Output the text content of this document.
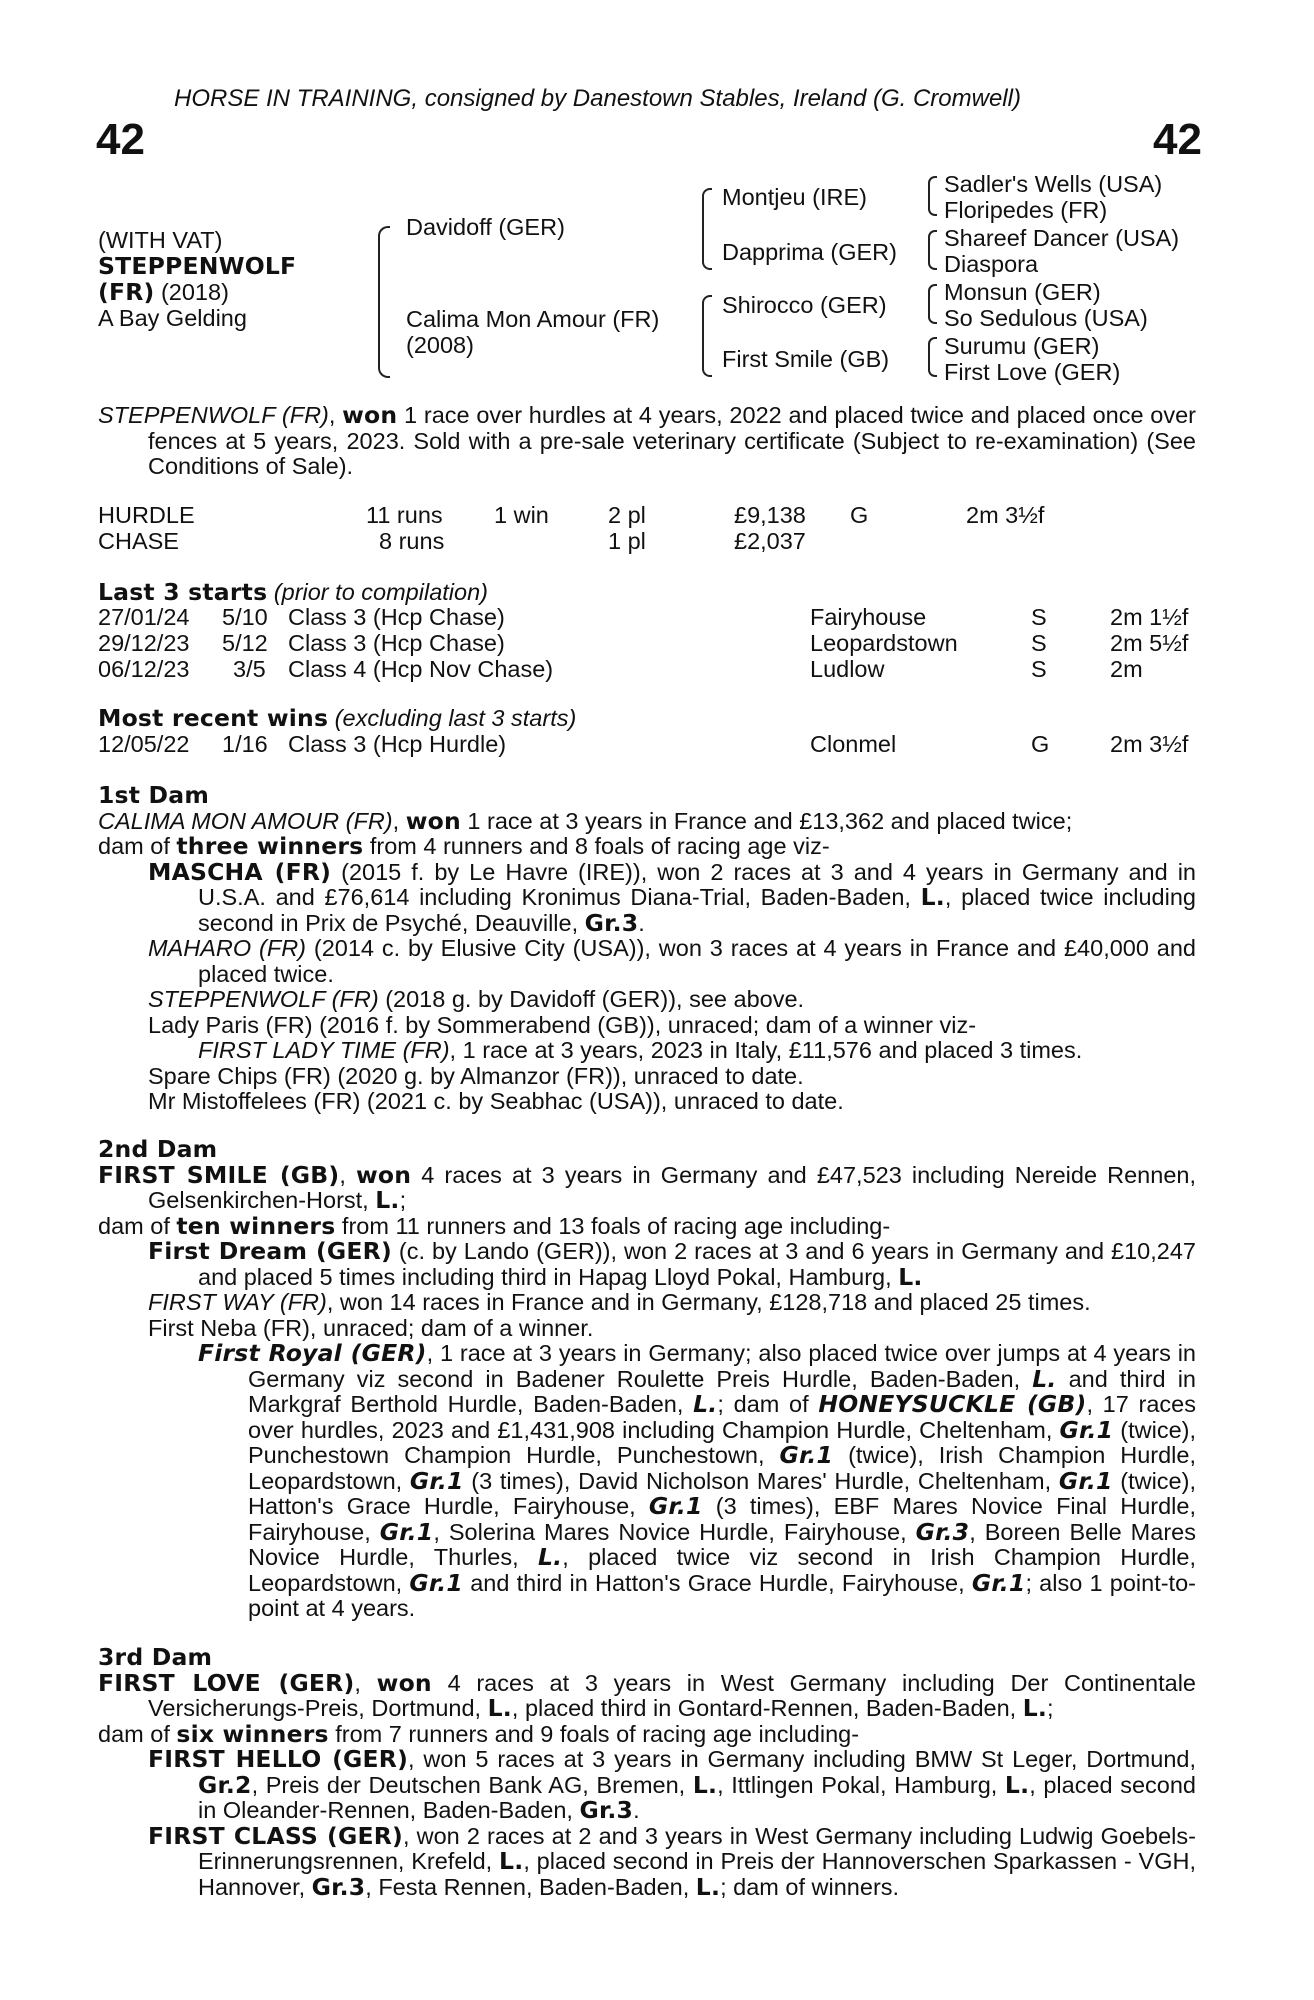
HORSE IN TRAINING, consigned by Danestown Stables, Ireland (G. Cromwell)
42	42
(WITH VAT)
STEPPENWOLF
(FR) (2018)
A Bay Gelding
Davidoff (GER)
Calima Mon Amour (FR)
(2008)
Montjeu (IRE)
Dapprima (GER)
Shirocco (GER)
First Smile (GB)
Sadler's Wells (USA)
Floripedes (FR)
Shareef Dancer (USA)
Diaspora
Monsun (GER)
So Sedulous (USA)
Surumu (GER)
First Love (GER)

STEPPENWOLF (FR), won 1 race over hurdles at 4 years, 2022 and placed twice and placed once over fences at 5 years, 2023. Sold with a pre-sale veterinary certificate (Subject to re-examination) (See Conditions of Sale).

HURDLE	11 runs 1 win	2 pl	£9,138 G	2m 3½f
CHASE	8 runs	1 pl	£2,037
Last 3 starts (prior to compilation)
27/01/24 5/10 Class 3 (Hcp Chase)	Fairyhouse	S	2m 1½f
29/12/23 5/12 Class 3 (Hcp Chase)	Leopardstown	S	2m 5½f
06/12/23 3/5 Class 4 (Hcp Nov Chase)	Ludlow	S	2m
Most recent wins (excluding last 3 starts)
12/05/22 1/16 Class 3 (Hcp Hurdle)	Clonmel	G	2m 3½f

1st Dam

CALIMA MON AMOUR (FR), won 1 race at 3 years in France and £13,362 and placed twice;

dam of three winners from 4 runners and 8 foals of racing age viz-

MASCHA (FR) (2015 f. by Le Havre (IRE)), won 2 races at 3 and 4 years in Germany and in U.S.A. and £76,614 including Kronimus Diana-Trial, Baden-Baden, L., placed twice including second in Prix de Psyché, Deauville, Gr.3.

MAHARO (FR) (2014 c. by Elusive City (USA)), won 3 races at 4 years in France and £40,000 and placed twice.

STEPPENWOLF (FR) (2018 g. by Davidoff (GER)), see above.

Lady Paris (FR) (2016 f. by Sommerabend (GB)), unraced; dam of a winner viz-

FIRST LADY TIME (FR), 1 race at 3 years, 2023 in Italy, £11,576 and placed 3 times.

Spare Chips (FR) (2020 g. by Almanzor (FR)), unraced to date.

Mr Mistoffelees (FR) (2021 c. by Seabhac (USA)), unraced to date.

2nd Dam

FIRST SMILE (GB), won 4 races at 3 years in Germany and £47,523 including Nereide Rennen, Gelsenkirchen-Horst, L.;

dam of ten winners from 11 runners and 13 foals of racing age including-

First Dream (GER) (c. by Lando (GER)), won 2 races at 3 and 6 years in Germany and £10,247 and placed 5 times including third in Hapag Lloyd Pokal, Hamburg, L.

FIRST WAY (FR), won 14 races in France and in Germany, £128,718 and placed 25 times.

First Neba (FR), unraced; dam of a winner.

First Royal (GER), 1 race at 3 years in Germany; also placed twice over jumps at 4 years in Germany viz second in Badener Roulette Preis Hurdle, Baden-Baden, L. and third in Markgraf Berthold Hurdle, Baden-Baden, L.; dam of HONEYSUCKLE (GB), 17 races over hurdles, 2023 and £1,431,908 including Champion Hurdle, Cheltenham, Gr.1 (twice), Punchestown Champion Hurdle, Punchestown, Gr.1 (twice), Irish Champion Hurdle, Leopardstown, Gr.1 (3 times), David Nicholson Mares' Hurdle, Cheltenham, Gr.1 (twice), Hatton's Grace Hurdle, Fairyhouse, Gr.1 (3 times), EBF Mares Novice Final Hurdle, Fairyhouse, Gr.1, Solerina Mares Novice Hurdle, Fairyhouse, Gr.3, Boreen Belle Mares Novice Hurdle, Thurles, L., placed twice viz second in Irish Champion Hurdle, Leopardstown, Gr.1 and third in Hatton's Grace Hurdle, Fairyhouse, Gr.1; also 1 point-to-point at 4 years.

3rd Dam

FIRST LOVE (GER), won 4 races at 3 years in West Germany including Der Continentale Versicherungs-Preis, Dortmund, L., placed third in Gontard-Rennen, Baden-Baden, L.;

dam of six winners from 7 runners and 9 foals of racing age including-

FIRST HELLO (GER), won 5 races at 3 years in Germany including BMW St Leger, Dortmund, Gr.2, Preis der Deutschen Bank AG, Bremen, L., Ittlingen Pokal, Hamburg, L., placed second in Oleander-Rennen, Baden-Baden, Gr.3.

FIRST CLASS (GER), won 2 races at 2 and 3 years in West Germany including Ludwig Goebels-Erinnerungsrennen, Krefeld, L., placed second in Preis der Hannoverschen Sparkassen - VGH, Hannover, Gr.3, Festa Rennen, Baden-Baden, L.; dam of winners.
